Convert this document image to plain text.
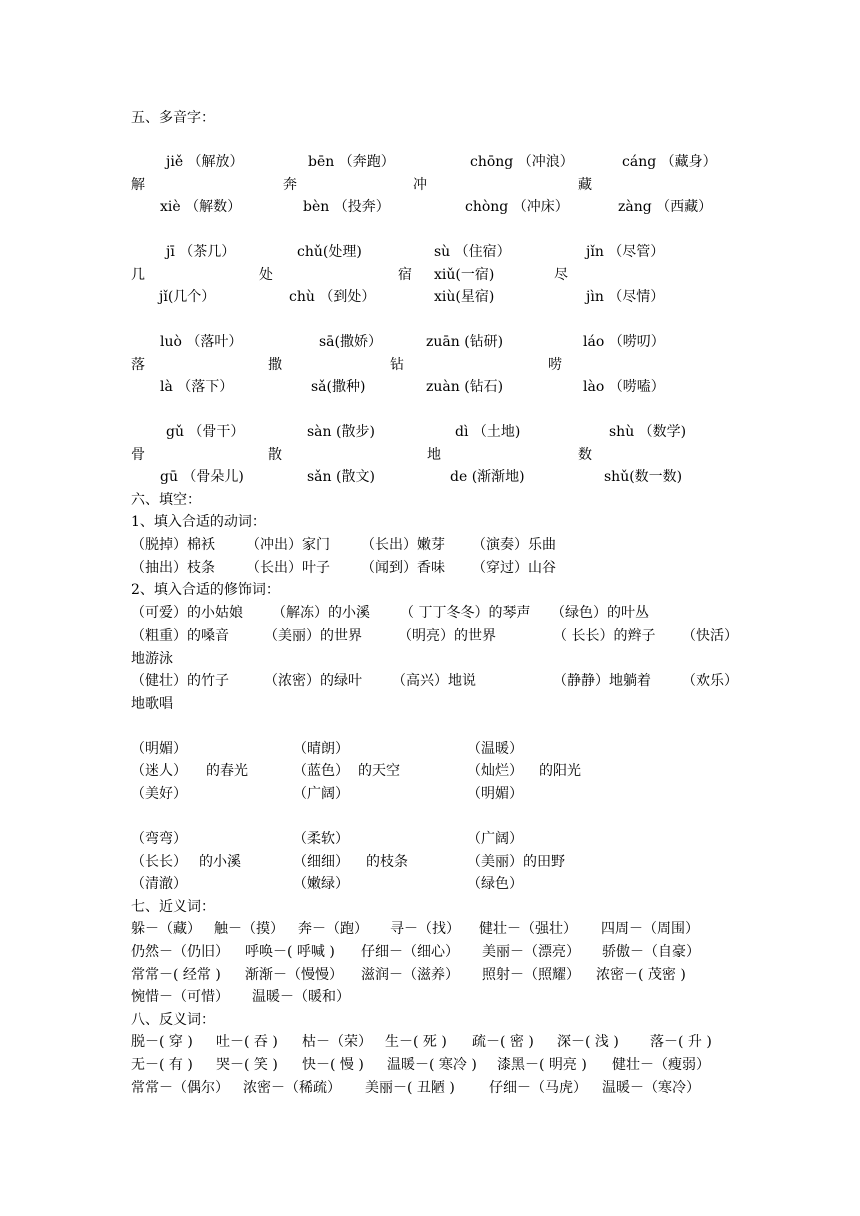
五、多音字：
jiě （解放）	bēn （奔跑）	chōng （冲浪）	cáng （藏身）
解	奔	冲	藏
xiè （解数）	bèn （投奔）	chòng （冲床）	zàng （西藏）
jī （茶几）	chǔ(处理)	sù （住宿）	jǐn （尽管）
几	处	宿 xiǔ(一宿)	尽
jǐ(几个）	chù （到处）	xiù(星宿)	jìn （尽情）
luò （落叶）	sā(撒娇）	zuān (钻研)	láo （唠叨）
落	撒	钻	唠
là （落下）	sǎ(撒种)	zuàn (钻石)	lào （唠嗑）
gǔ （骨干）	sàn (散步)	dì （土地)	shù （数学)
骨	散	地	数
gū （骨朵儿)	sǎn (散文)	de (渐渐地)	shǔ(数一数)
六、填空：
1、填入合适的动词：
（脱掉）棉袄 （冲出）家门 （长出）嫩芽 （演奏）乐曲
（抽出）枝条 （长出）叶子 （闻到）香味 （穿过）山谷
2、填入合适的修饰词：
（可爱）的小姑娘 （解冻）的小溪 （ 丁丁冬冬）的琴声 （绿色）的叶丛
（粗重）的嗓音	（美丽）的世界	（明亮）的世界	（ 长长）的辫子 （快活）
地游泳
（健壮）的竹子	（浓密）的绿叶 （高兴）地说	（静静）地躺着 （欢乐）
地歌唱
（明媚）	（晴朗）	（温暖）
（迷人） 的春光	（蓝色） 的天空	（灿烂） 的阳光
（美好）	（广阔）	（明媚）
（弯弯）	（柔软）	（广阔）
（长长） 的小溪	（细细） 的枝条	（美丽）的田野
（清澈）	（嫩绿）	（绿色）
七、近义词：
躲－（藏） 触－（摸） 奔－（跑） 寻－（找） 健壮－（强壮） 四周－（周围）
仍然－（仍旧） 呼唤－( 呼喊 ) 仔细－（细心） 美丽－（漂亮） 骄傲－（自豪）
常常－( 经常 ) 渐渐－（慢慢） 滋润－（滋养） 照射－（照耀） 浓密－( 茂密 )
惋惜－（可惜） 温暖－（暖和）
八、反义词：
脱－( 穿 ) 吐－( 吞 ) 枯－（荣） 生－( 死 ) 疏－( 密 ) 深－( 浅 ) 落－( 升 )
无－( 有 ) 哭－( 笑 ) 快－( 慢 ) 温暖－( 寒冷 ) 漆黑－( 明亮 ) 健壮－（瘦弱）
常常－（偶尔） 浓密－（稀疏） 美丽－( 丑陋 ) 仔细－（马虎） 温暖－（寒冷）
